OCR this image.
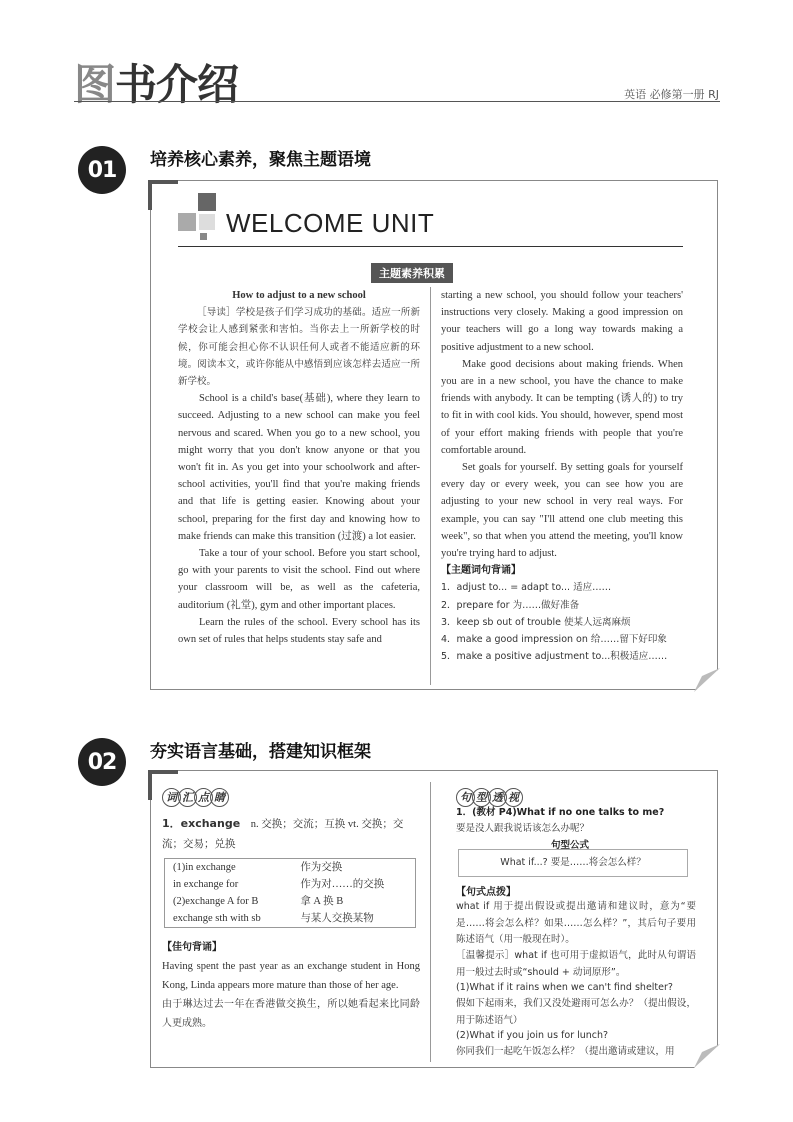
图书介绍	英语 必修第一册 RJ
01	培养核心素养，聚焦主题语境
WELCOME UNIT
主题素养积累

How to adjust to a new school

［导读］学校是孩子们学习成功的基础。适应一所新学校会让人感到紧张和害怕。当你去上一所新学校的时候，你可能会担心你不认识任何人或者不能适应新的环境。阅读本文，或许你能从中感悟到应该怎样去适应一所新学校。

School is a child's base(基础), where they learn to succeed. Adjusting to a new school can make you feel nervous and scared. When you go to a new school, you might worry that you don't know anyone or that you won't fit in. As you get into your schoolwork and after-school activities, you'll find that you're making friends and that life is getting easier. Knowing about your school, preparing for the first day and knowing how to make friends can make this transition (过渡) a lot easier.

Take a tour of your school. Before you start school, go with your parents to visit the school. Find out where your classroom will be, as well as the cafeteria, auditorium (礼堂), gym and other important places.

Learn the rules of the school. Every school has its own set of rules that helps students stay safe and

starting a new school, you should follow your teachers' instructions very closely. Making a good impression on your teachers will go a long way towards making a positive adjustment to a new school.

Make good decisions about making friends. When you are in a new school, you have the chance to make friends with anybody. It can be tempting (诱人的) to try to fit in with cool kids. You should, however, spend most of your effort making friends with people that you're comfortable around.

Set goals for yourself. By setting goals for yourself every day or every week, you can see how you are adjusting to your new school in very real ways. For example, you can say "I'll attend one club meeting this week", so that when you attend the meeting, you'll know you're trying hard to adjust.

【主题词句背诵】
1．adjust to... = adapt to... 适应……
2．prepare for 为……做好准备
3．keep sb out of trouble 使某人远离麻烦
4．make a good impression on 给……留下好印象
5．make a positive adjustment to...积极适应……
02	夯实语言基础，搭建知识框架
词 汇 点 睛
1．exchange n. 交换；交流；互换 vt. 交换；交流；交易；兑换
(1)in exchange	作为交换
in exchange for	作为对……的交换
(2)exchange A for B	拿 A 换 B
exchange sth with sb	与某人交换某物
【佳句背诵】

Having spent the past year as an exchange student in Hong Kong, Linda appears more mature than those of her age.

由于琳达过去一年在香港做交换生，所以她看起来比同龄人更成熟。

句 型 透 视
1．(教材 P4)What if no one talks to me?
要是没人跟我说话该怎么办呢？
句型公式
What if...? 要是……将会怎么样？
【句式点拨】
what if 用于提出假设或提出邀请和建议时，意为“要是……将会怎么样？如果……怎么样？”，其后句子要用陈述语气（用一般现在时）。
［温馨提示］what if 也可用于虚拟语气，此时从句谓语用一般过去时或“should + 动词原形”。
(1)What if it rains when we can't find shelter?
假如下起雨来，我们又没处避雨可怎么办？（提出假设，用于陈述语气）
(2)What if you join us for lunch?
你同我们一起吃午饭怎么样？（提出邀请或建议，用
